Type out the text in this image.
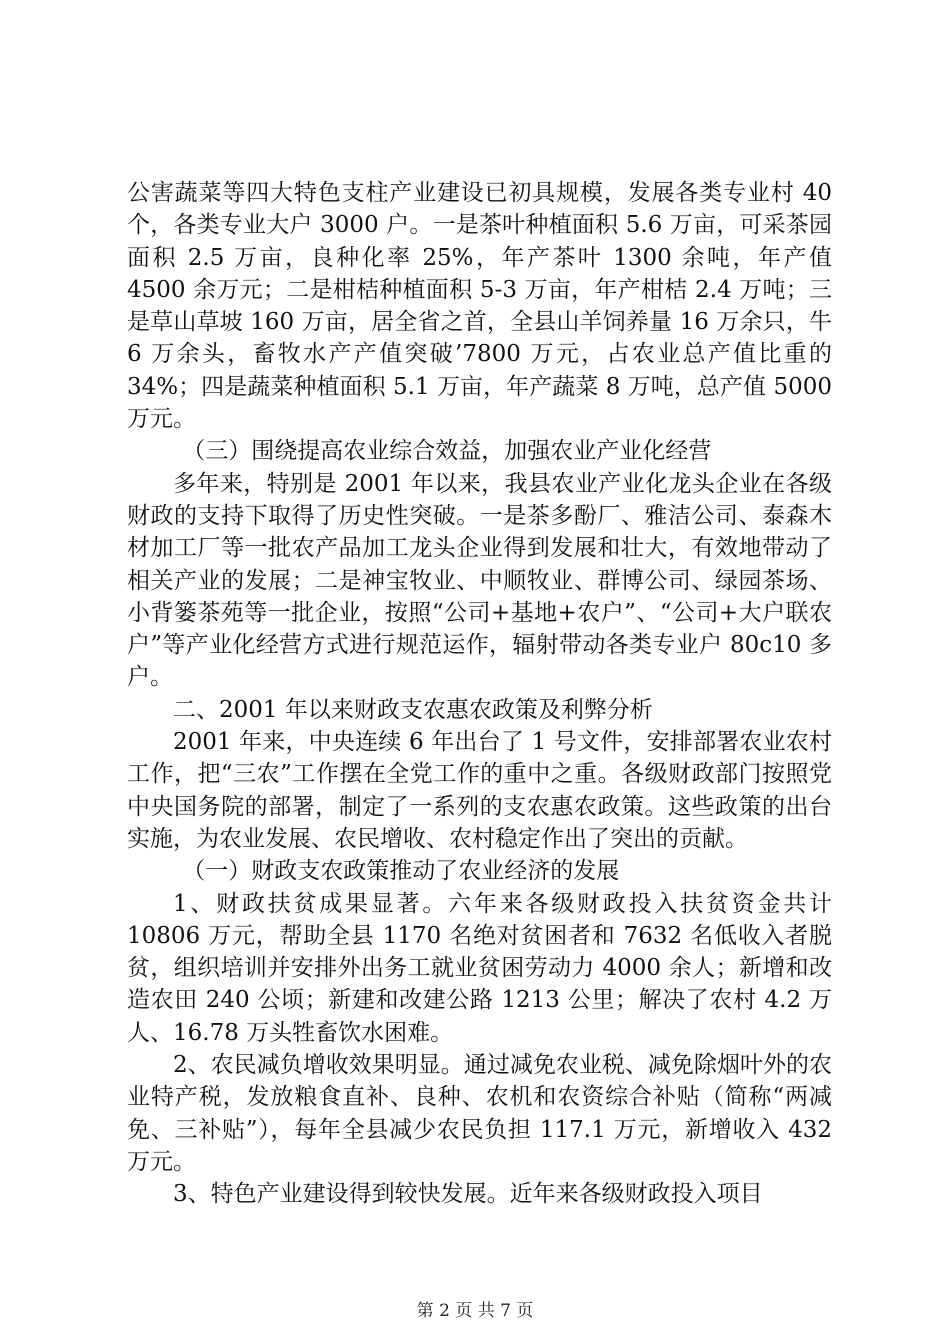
公害蔬菜等四大特色支柱产业建设已初具规模，发展各类专业村 40 个，各类专业大户 3000 户。一是茶叶种植面积 5.6 万亩，可采茶园面积 2.5 万亩，良种化率 25%，年产茶叶 1300 余吨，年产值 4500 余万元；二是柑桔种植面积 5-3 万亩，年产柑桔 2.4 万吨；三是草山草坡 160 万亩，居全省之首，全县山羊饲养量 16 万余只，牛 6 万余头，畜牧水产产值突破’7800 万元，占农业总产值比重的 34%；四是蔬菜种植面积 5.1 万亩，年产蔬菜 8 万吨，总产值 5000 万元。

（三）围绕提高农业综合效益，加强农业产业化经营

多年来，特别是 2001 年以来，我县农业产业化龙头企业在各级财政的支持下取得了历史性突破。一是茶多酚厂、雅洁公司、泰森木材加工厂等一批农产品加工龙头企业得到发展和壮大，有效地带动了相关产业的发展；二是神宝牧业、中顺牧业、群博公司、绿园茶场、小背篓茶苑等一批企业，按照“公司+基地+农户”、“公司+大户联农户”等产业化经营方式进行规范运作，辐射带动各类专业户 80c10 多户。

二、2001 年以来财政支农惠农政策及利弊分析

2001 年来，中央连续 6 年出台了 1 号文件，安排部署农业农村工作，把“三农”工作摆在全党工作的重中之重。各级财政部门按照党中央国务院的部署，制定了一系列的支农惠农政策。这些政策的出台实施，为农业发展、农民增收、农村稳定作出了突出的贡献。

（一）财政支农政策推动了农业经济的发展

1、财政扶贫成果显著。六年来各级财政投入扶贫资金共计 10806 万元，帮助全县 1170 名绝对贫困者和 7632 名低收入者脱贫，组织培训并安排外出务工就业贫困劳动力 4000 余人；新增和改造农田 240 公顷；新建和改建公路 1213 公里；解决了农村 4.2 万人、16.78 万头牲畜饮水困难。

2、农民减负增收效果明显。通过减免农业税、减免除烟叶外的农业特产税，发放粮食直补、良种、农机和农资综合补贴（简称“两减免、三补贴”），每年全县减少农民负担 117.1 万元，新增收入 432 万元。

3、特色产业建设得到较快发展。近年来各级财政投入项目

第 2 页 共 7 页
